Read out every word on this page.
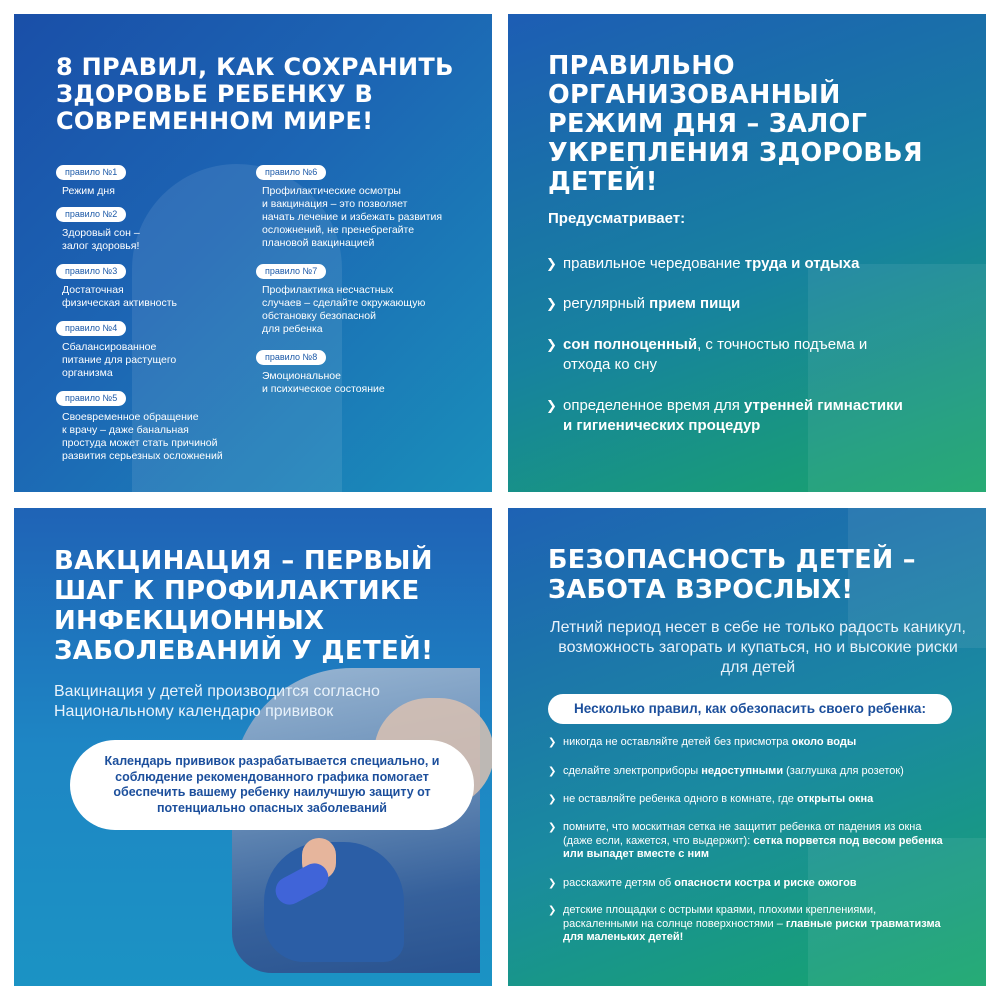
8 ПРАВИЛ, КАК СОХРАНИТЬ ЗДОРОВЬЕ РЕБЕНКУ В СОВРЕМЕННОМ МИРЕ!
правило №1
Режим дня
правило №2
Здоровый сон –
залог здоровья!
правило №3
Достаточная
физическая активность
правило №4
Сбалансированное
питание для растущего
организма
правило №5
Своевременное обращение
к врачу – даже банальная
простуда может стать причиной
развития серьезных осложнений
правило №6
Профилактические осмотры
и вакцинация – это позволяет
начать лечение и избежать развития
осложнений, не пренебрегайте
плановой вакцинацией
правило №7
Профилактика несчастных
случаев – сделайте окружающую
обстановку безопасной
для ребенка
правило №8
Эмоциональное
и психическое состояние
ПРАВИЛЬНО ОРГАНИЗОВАННЫЙ РЕЖИМ ДНЯ – ЗАЛОГ УКРЕПЛЕНИЯ ЗДОРОВЬЯ ДЕТЕЙ!
Предусматривает:
❯ правильное чередование труда и отдыха
❯ регулярный прием пищи
❯ сон полноценный, с точностью подъема и отхода ко сну
❯ определенное время для утренней гимнастики и гигиенических процедур
ВАКЦИНАЦИЯ – ПЕРВЫЙ ШАГ К ПРОФИЛАКТИКЕ ИНФЕКЦИОННЫХ ЗАБОЛЕВАНИЙ У ДЕТЕЙ!
Вакцинация у детей производится согласно Национальному календарю прививок
Календарь прививок разрабатывается специально, и соблюдение рекомендованного графика помогает обеспечить вашему ребенку наилучшую защиту от потенциально опасных заболеваний
БЕЗОПАСНОСТЬ ДЕТЕЙ – ЗАБОТА ВЗРОСЛЫХ!
Летний период несет в себе не только радость каникул, возможность загорать и купаться, но и высокие риски для детей
Несколько правил, как обезопасить своего ребенка:
❯ никогда не оставляйте детей без присмотра около воды
❯ сделайте электроприборы недоступными (заглушка для розеток)
❯ не оставляйте ребенка одного в комнате, где открыты окна
❯ помните, что москитная сетка не защитит ребенка от падения из окна (даже если, кажется, что выдержит): сетка порвется под весом ребенка или выпадет вместе с ним
❯ расскажите детям об опасности костра и риске ожогов
❯ детские площадки с острыми краями, плохими креплениями, раскаленными на солнце поверхностями – главные риски травматизма для маленьких детей!
